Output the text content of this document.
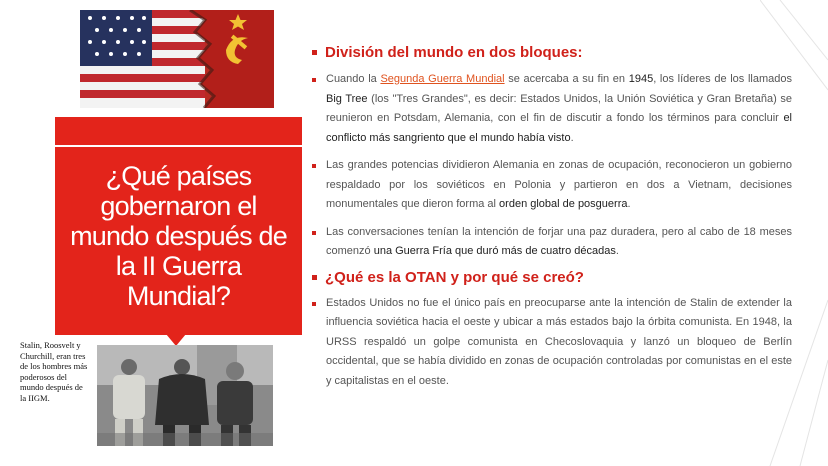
¿Qué países gobernaron el mundo después de la II Guerra Mundial?
Stalin, Roosvelt y Churchill, eran tres de los hombres más poderosos del mundo después de la IIGM.
División del mundo en dos bloques:

Cuando la Segunda Guerra Mundial se acercaba a su fin en 1945, los líderes de los llamados Big Tree (los "Tres Grandes", es decir: Estados Unidos, la Unión Soviética y Gran Bretaña) se reunieron en Potsdam, Alemania, con el fin de discutir a fondo los términos para concluir el conflicto más sangriento que el mundo había visto.

Las grandes potencias dividieron Alemania en zonas de ocupación, reconocieron un gobierno respaldado por los soviéticos en Polonia y partieron en dos a Vietnam, decisiones monumentales que dieron forma al orden global de posguerra.

Las conversaciones tenían la intención de forjar una paz duradera, pero al cabo de 18 meses comenzó una Guerra Fría que duró más de cuatro décadas.

¿Qué es la OTAN y por qué se creó?

Estados Unidos no fue el único país en preocuparse ante la intención de Stalin de extender la influencia soviética hacia el oeste y ubicar a más estados bajo la órbita comunista. En 1948, la URSS respaldó un golpe comunista en Checoslovaquia y lanzó un bloqueo de Berlín occidental, que se había dividido en zonas de ocupación controladas por comunistas en el este y capitalistas en el oeste.
